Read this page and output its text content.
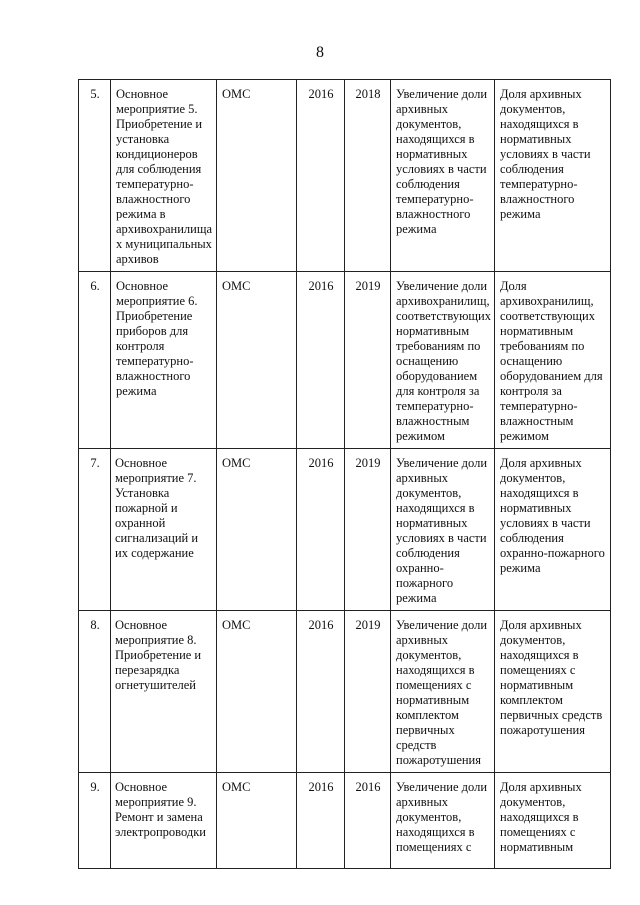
8
5.	Основное мероприятие 5. Приобретение и установка кондиционеров для соблюдения температурно-влажностного режима в архивохранилища х муниципальных архивов	ОМС	2016	2018	Увеличение доли архивных документов, находящихся в нормативных условиях в части соблюдения температурно-влажностного режима	Доля архивных документов, находящихся в нормативных условиях в части соблюдения температурно-влажностного режима
6.	Основное мероприятие 6. Приобретение приборов для контроля температурно-влажностного режима	ОМС	2016	2019	Увеличение доли архивохранилищ, соответствующих нормативным требованиям по оснащению оборудованием для контроля за температурно-влажностным режимом	Доля архивохранилищ, соответствующих нормативным требованиям по оснащению оборудованием для контроля за температурно-влажностным режимом
7.	Основное мероприятие 7. Установка пожарной и охранной сигнализаций и их содержание	ОМС	2016	2019	Увеличение доли архивных документов, находящихся в нормативных условиях в части соблюдения охранно-пожарного режима	Доля архивных документов, находящихся в нормативных условиях в части соблюдения охранно-пожарного режима
8.	Основное мероприятие 8. Приобретение и перезарядка огнетушителей	ОМС	2016	2019	Увеличение доли архивных документов, находящихся в помещениях с нормативным комплектом первичных средств пожаротушения	Доля архивных документов, находящихся в помещениях с нормативным комплектом первичных средств пожаротушения
9.	Основное мероприятие 9. Ремонт и замена электропроводки	ОМС	2016	2016	Увеличение доли архивных документов, находящихся в помещениях с	Доля архивных документов, находящихся в помещениях с нормативным
